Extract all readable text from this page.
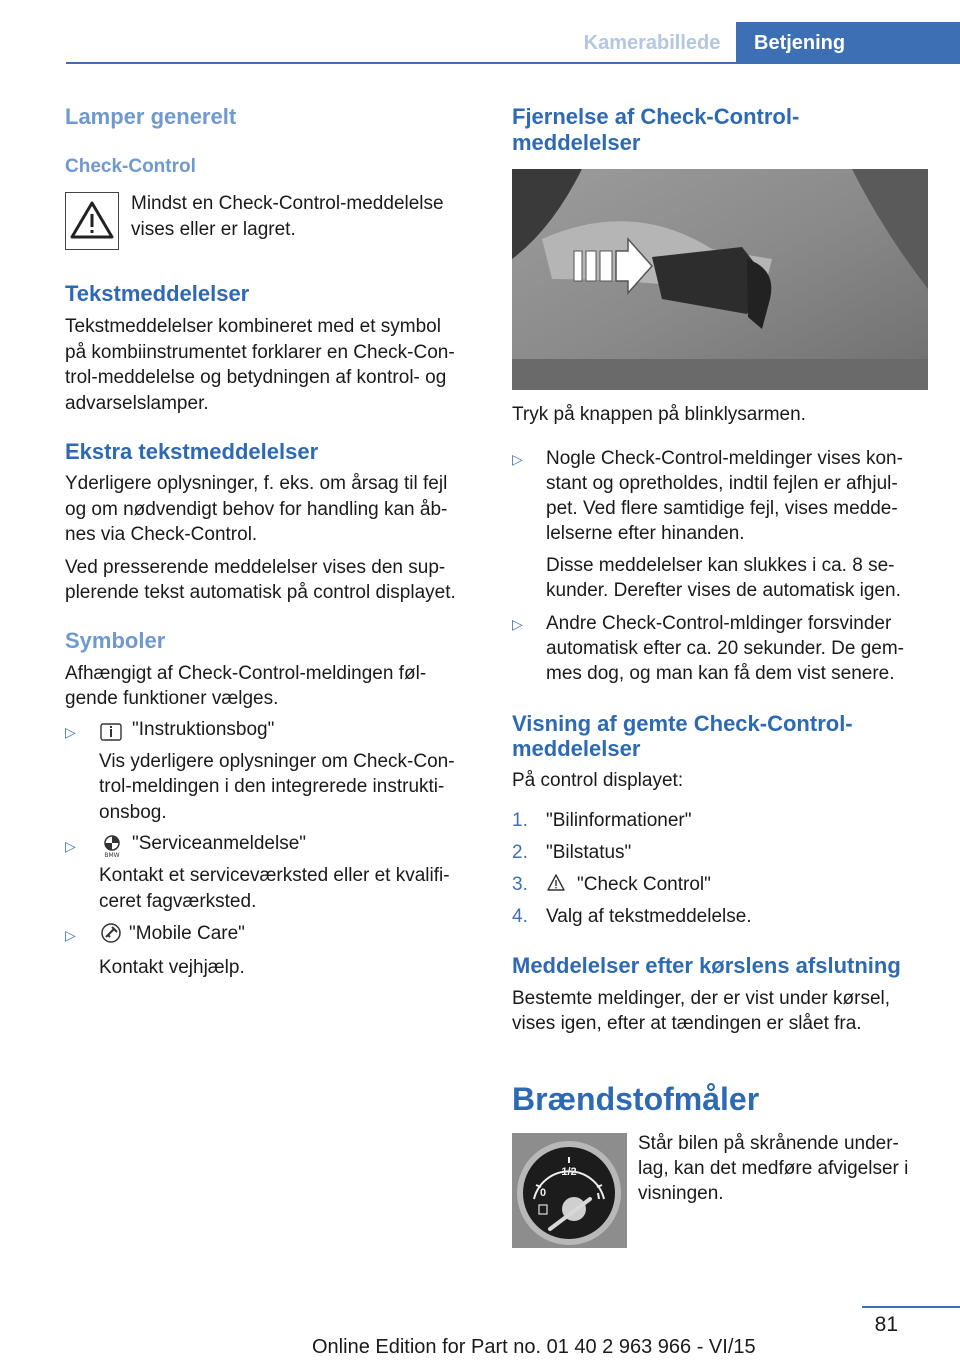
Kamerabillede	Betjening
Lamper generelt
Check-Control
Mindst en Check-Control-meddelelse
vises eller er lagret.
Tekstmeddelelser
Tekstmeddelelser kombineret med et symbol
på kombiinstrumentet forklarer en Check-Con‐
trol-meddelelse og betydningen af kontrol- og
advarselslamper.
Ekstra tekstmeddelelser
Yderligere oplysninger, f. eks. om årsag til fejl
og om nødvendigt behov for handling kan åb‐
nes via Check-Control.
Ved presserende meddelelser vises den sup‐
plerende tekst automatisk på control displayet.
Symboler
Afhængigt af Check-Control-meldingen føl‐
gende funktioner vælges.
▷	"Instruktionsbog"
Vis yderligere oplysninger om Check-Con‐
trol-meldingen i den integrerede instrukti‐
onsbog.
▷
BMW
"Serviceanmeldelse"
Kontakt et serviceværksted eller et kvalifi‐
ceret fagværksted.
▷	"Mobile Care"
Kontakt vejhjælp.
Fjernelse af Check-Control-
meddelelser
Tryk på knappen på blinklysarmen.
▷ Nogle Check-Control-meldinger vises kon‐
stant og opretholdes, indtil fejlen er afhjul‐
pet. Ved flere samtidige fejl, vises medde‐
lelserne efter hinanden.
Disse meddelelser kan slukkes i ca. 8 se‐
kunder. Derefter vises de automatisk igen.
▷ Andre Check-Control-mldinger forsvinder
automatisk efter ca. 20 sekunder. De gem‐
mes dog, og man kan få dem vist senere.
Visning af gemte Check-Control-
meddelelser
På control displayet:
1. "Bilinformationer"
2. "Bilstatus"
3.	"Check Control"
4. Valg af tekstmeddelelse.
Meddelelser efter kørslens afslutning
Bestemte meldinger, der er vist under kørsel,
vises igen, efter at tændingen er slået fra.
Brændstofmåler
1/2
0
Står bilen på skrånende under‐
lag, kan det medføre afvigelser i
visningen.
81
Online Edition for Part no. 01 40 2 963 966 - VI/15
